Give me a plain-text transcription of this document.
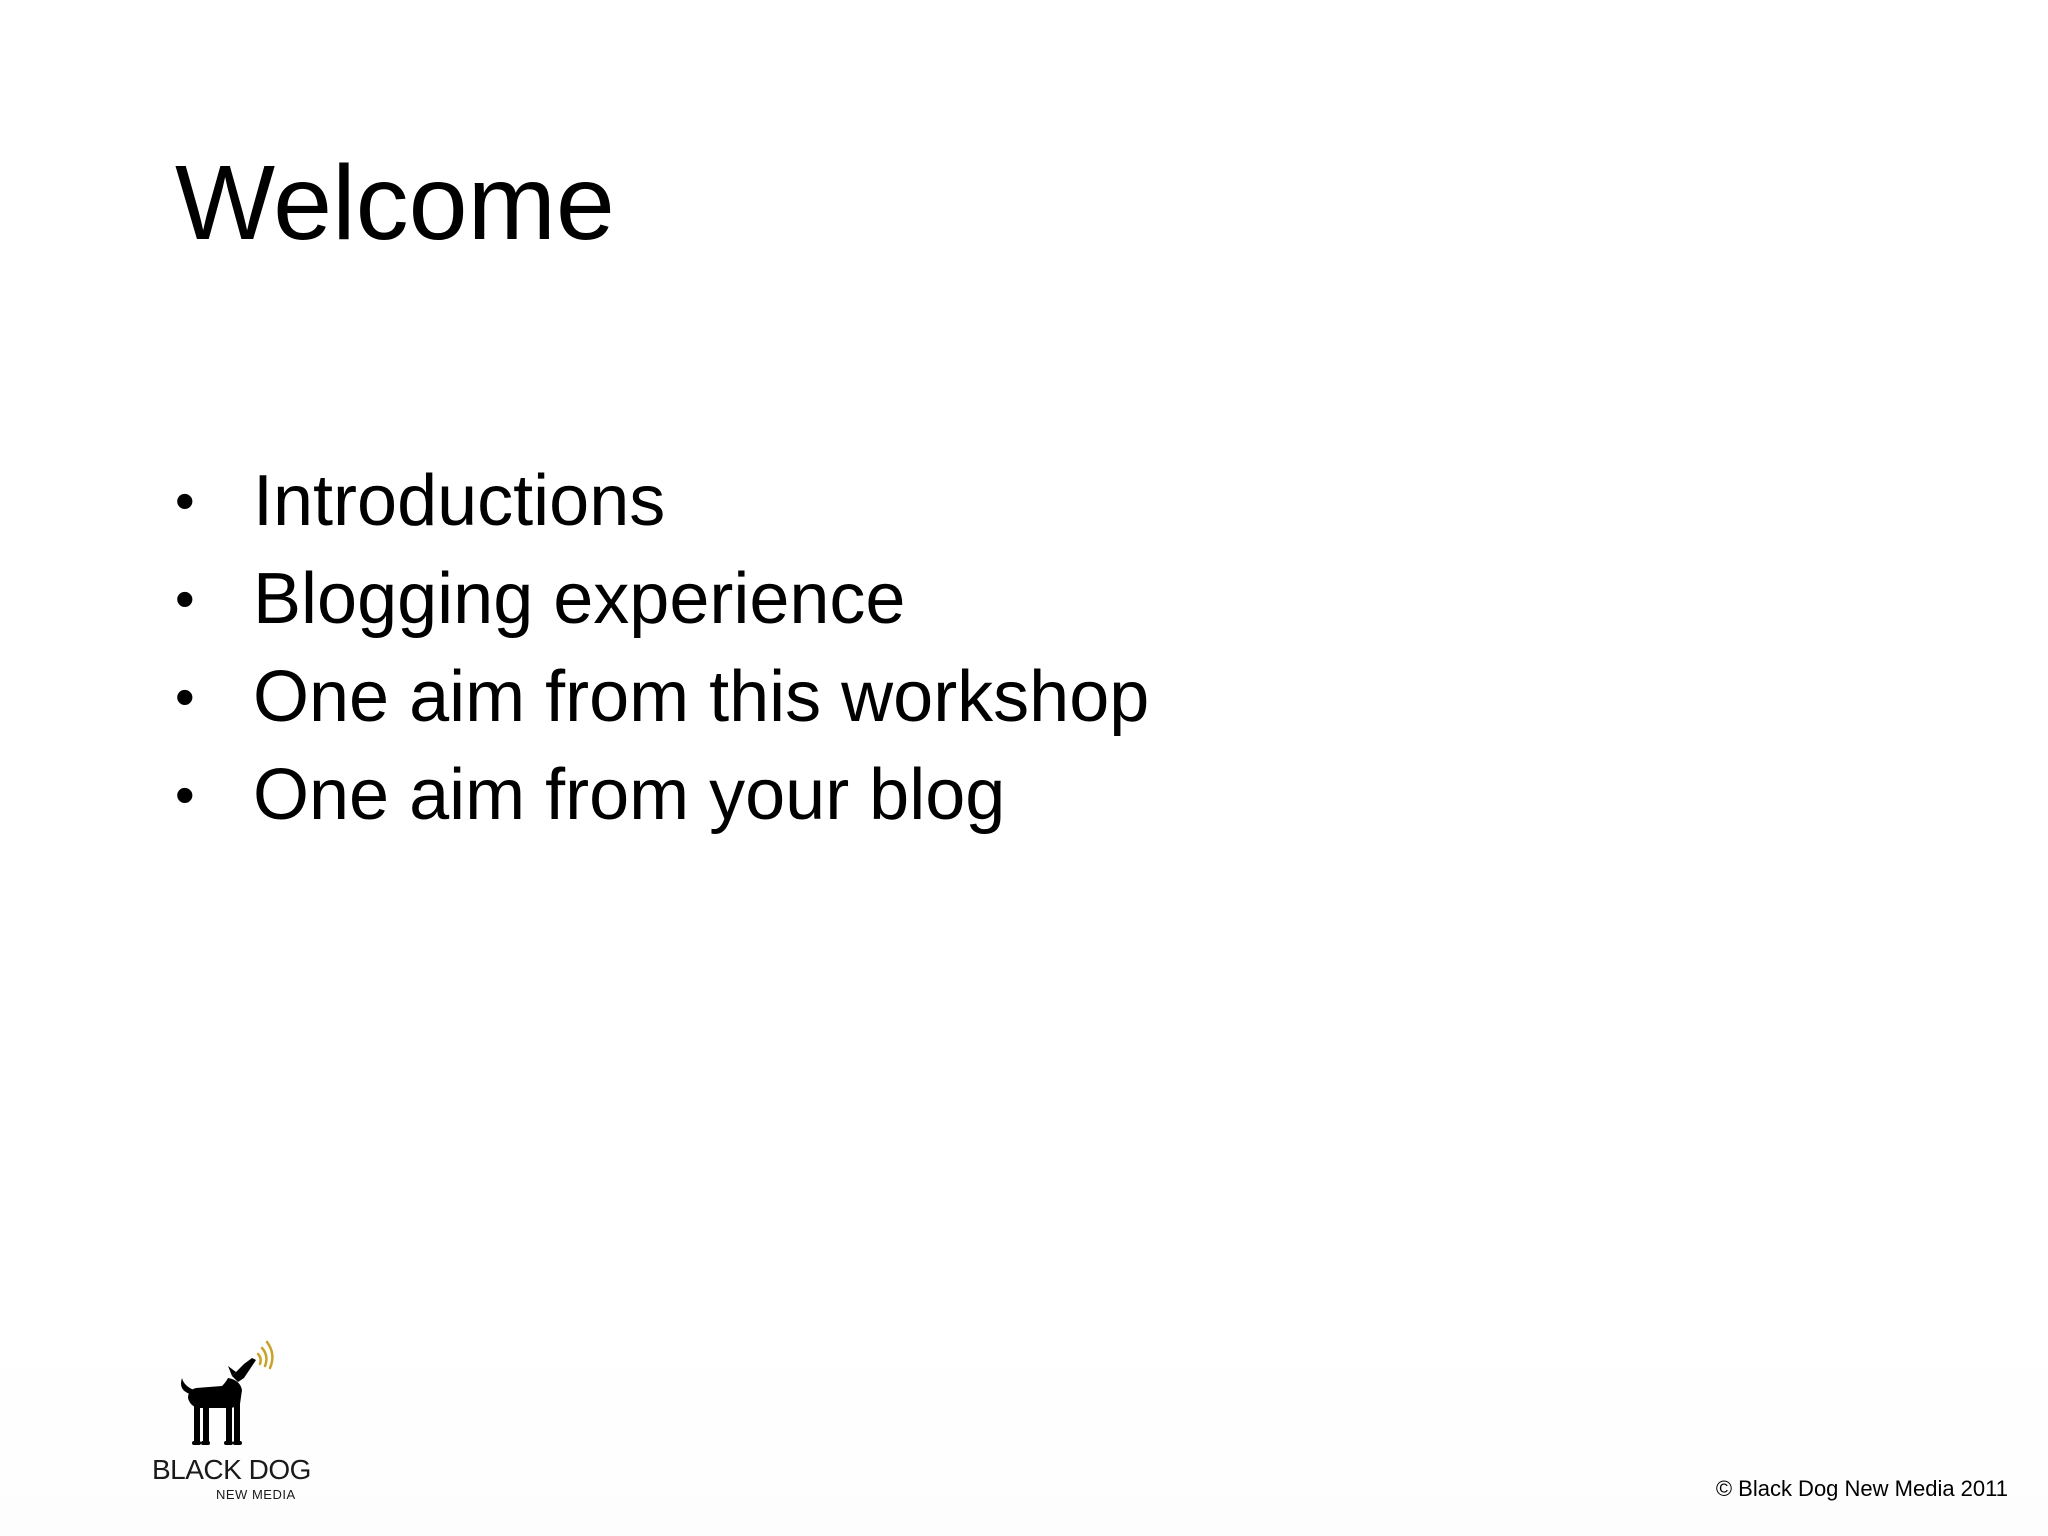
Welcome
• Introductions
• Blogging experience
• One aim from this workshop
• One aim from your blog
BLACK DOG
NEW MEDIA	© Black Dog New Media 2011
